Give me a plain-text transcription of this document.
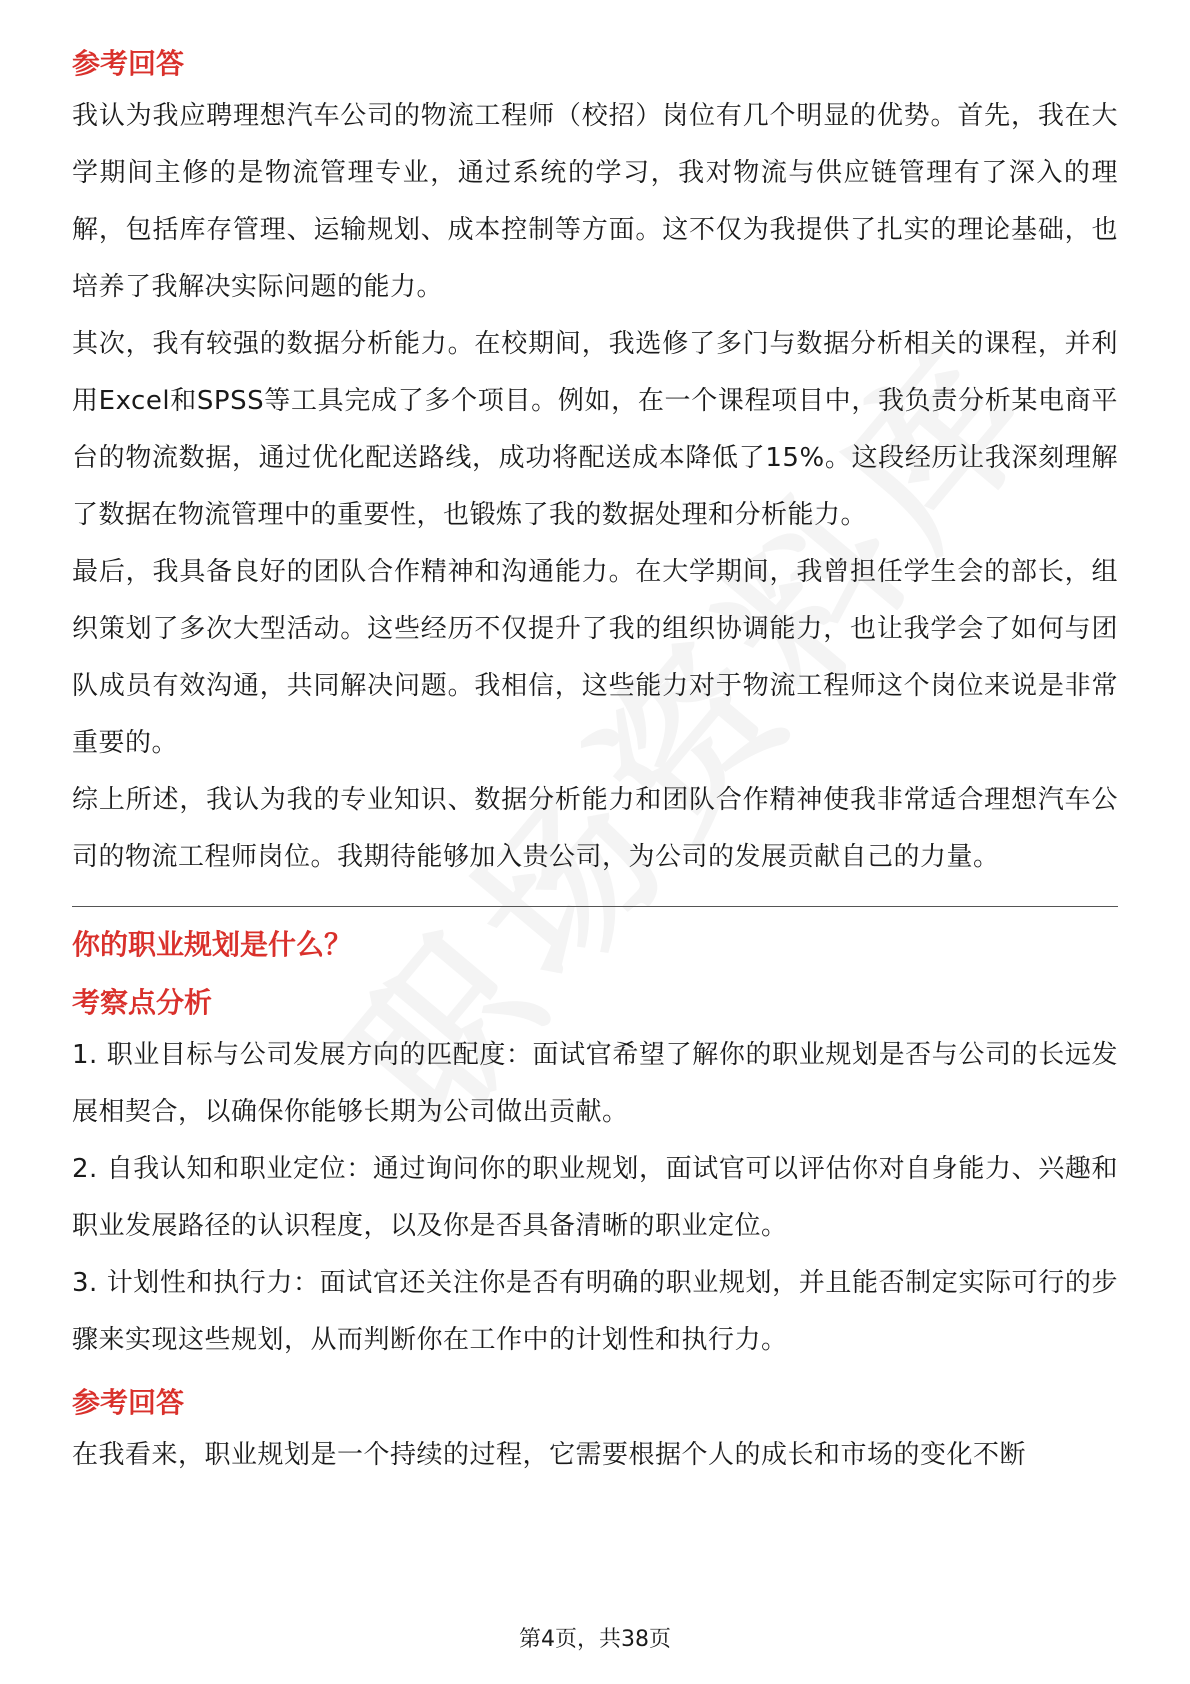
参考回答

我认为我应聘理想汽车公司的物流工程师（校招）岗位有几个明显的优势。首先，我在大学期间主修的是物流管理专业，通过系统的学习，我对物流与供应链管理有了深入的理解，包括库存管理、运输规划、成本控制等方面。这不仅为我提供了扎实的理论基础，也培养了我解决实际问题的能力。

其次，我有较强的数据分析能力。在校期间，我选修了多门与数据分析相关的课程，并利用Excel和SPSS等工具完成了多个项目。例如，在一个课程项目中，我负责分析某电商平台的物流数据，通过优化配送路线，成功将配送成本降低了15%。这段经历让我深刻理解了数据在物流管理中的重要性，也锻炼了我的数据处理和分析能力。

最后，我具备良好的团队合作精神和沟通能力。在大学期间，我曾担任学生会的部长，组织策划了多次大型活动。这些经历不仅提升了我的组织协调能力，也让我学会了如何与团队成员有效沟通，共同解决问题。我相信，这些能力对于物流工程师这个岗位来说是非常重要的。

综上所述，我认为我的专业知识、数据分析能力和团队合作精神使我非常适合理想汽车公司的物流工程师岗位。我期待能够加入贵公司，为公司的发展贡献自己的力量。

你的职业规划是什么？
考察点分析

1. 职业目标与公司发展方向的匹配度：面试官希望了解你的职业规划是否与公司的长远发展相契合，以确保你能够长期为公司做出贡献。

2. 自我认知和职业定位：通过询问你的职业规划，面试官可以评估你对自身能力、兴趣和职业发展路径的认识程度，以及你是否具备清晰的职业定位。

3. 计划性和执行力：面试官还关注你是否有明确的职业规划，并且能否制定实际可行的步骤来实现这些规划，从而判断你在工作中的计划性和执行力。

参考回答

在我看来，职业规划是一个持续的过程，它需要根据个人的成长和市场的变化不断

第4页，共38页
